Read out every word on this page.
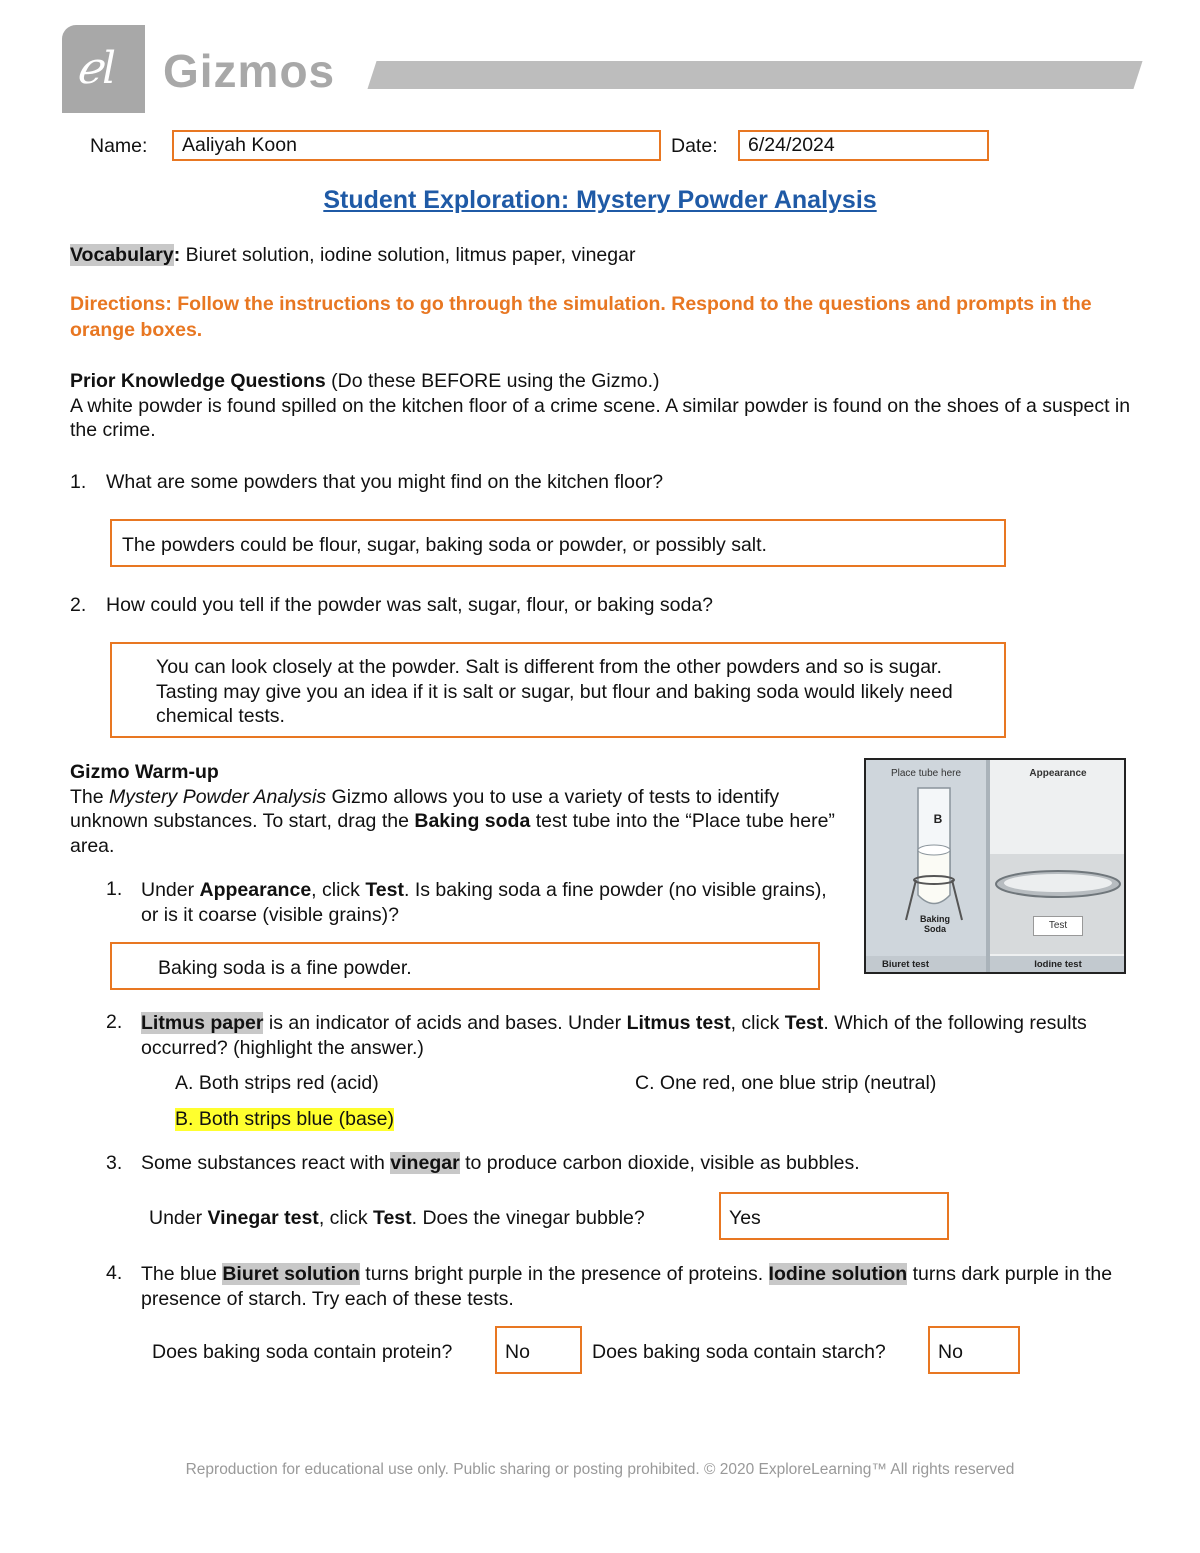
ℯl Gizmos
Name:	Aaliyah Koon	Date:	6/24/2024
Student Exploration: Mystery Powder Analysis
Vocabulary: Biuret solution, iodine solution, litmus paper, vinegar
Directions: Follow the instructions to go through the simulation. Respond to the questions and prompts in the orange boxes.
Prior Knowledge Questions (Do these BEFORE using the Gizmo.)
A white powder is found spilled on the kitchen floor of a crime scene. A similar powder is found on the shoes of a suspect in the crime.
1. What are some powders that you might find on the kitchen floor?
The powders could be flour, sugar, baking soda or powder, or possibly salt.
2. How could you tell if the powder was salt, sugar, flour, or baking soda?
You can look closely at the powder. Salt is different from the other powders and so is sugar. Tasting may give you an idea if it is salt or sugar, but flour and baking soda would likely need chemical tests.
Gizmo Warm-up
The Mystery Powder Analysis Gizmo allows you to use a variety of tests to identify unknown substances. To start, drag the Baking soda test tube into the “Place tube here” area.
Place tube here	Appearance
B
Baking Soda	Test
Biuret test	Iodine test
1. Under Appearance, click Test. Is baking soda a fine powder (no visible grains), or is it coarse (visible grains)?
Baking soda is a fine powder.
2. Litmus paper is an indicator of acids and bases. Under Litmus test, click Test. Which of the following results occurred? (highlight the answer.)
A. Both strips red (acid)	C. One red, one blue strip (neutral)
B. Both strips blue (base)
3. Some substances react with vinegar to produce carbon dioxide, visible as bubbles.
Under Vinegar test, click Test. Does the vinegar bubble?	Yes
4. The blue Biuret solution turns bright purple in the presence of proteins. Iodine solution turns dark purple in the presence of starch. Try each of these tests.
Does baking soda contain protein?	No	Does baking soda contain starch?	No
Reproduction for educational use only. Public sharing or posting prohibited. © 2020 ExploreLearning™ All rights reserved
